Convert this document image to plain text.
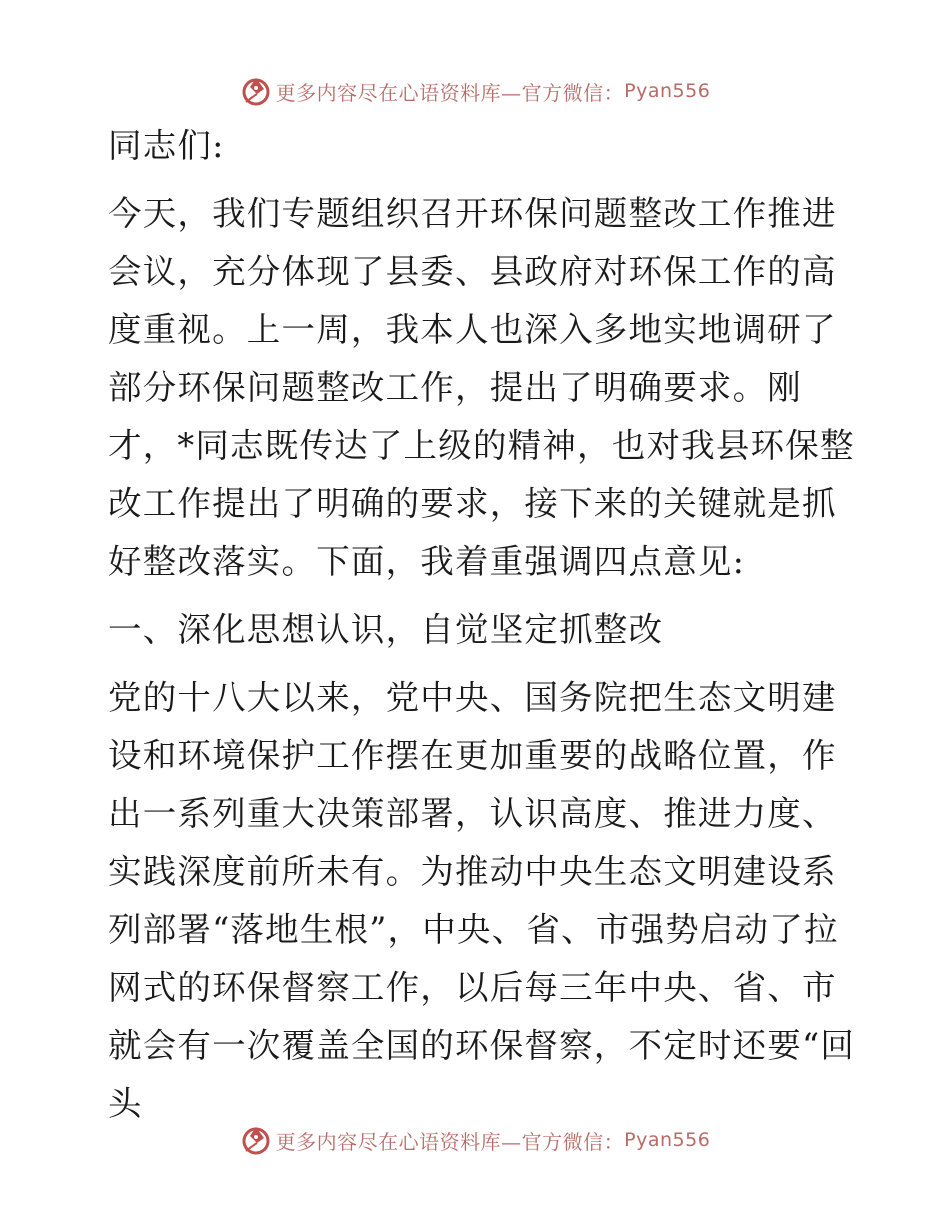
更多内容尽在心语资料库—官方微信： Pyan556

同志们:

今天，我们专题组织召开环保问题整改工作推进会议，充分体现了县委、县政府对环保工作的高度重视。上一周，我本人也深入多地实地调研了部分环保问题整改工作，提出了明确要求。刚才，*同志既传达了上级的精神，也对我县环保整改工作提出了明确的要求，接下来的关键就是抓好整改落实。下面，我着重强调四点意见:

一、深化思想认识，自觉坚定抓整改

党的十八大以来，党中央、国务院把生态文明建设和环境保护工作摆在更加重要的战略位置，作出一系列重大决策部署，认识高度、推进力度、实践深度前所未有。为推动中央生态文明建设系列部署“落地生根”，中央、省、市强势启动了拉网式的环保督察工作，以后每三年中央、省、市就会有一次覆盖全国的环保督察，不定时还要“回头

更多内容尽在心语资料库—官方微信： Pyan556
